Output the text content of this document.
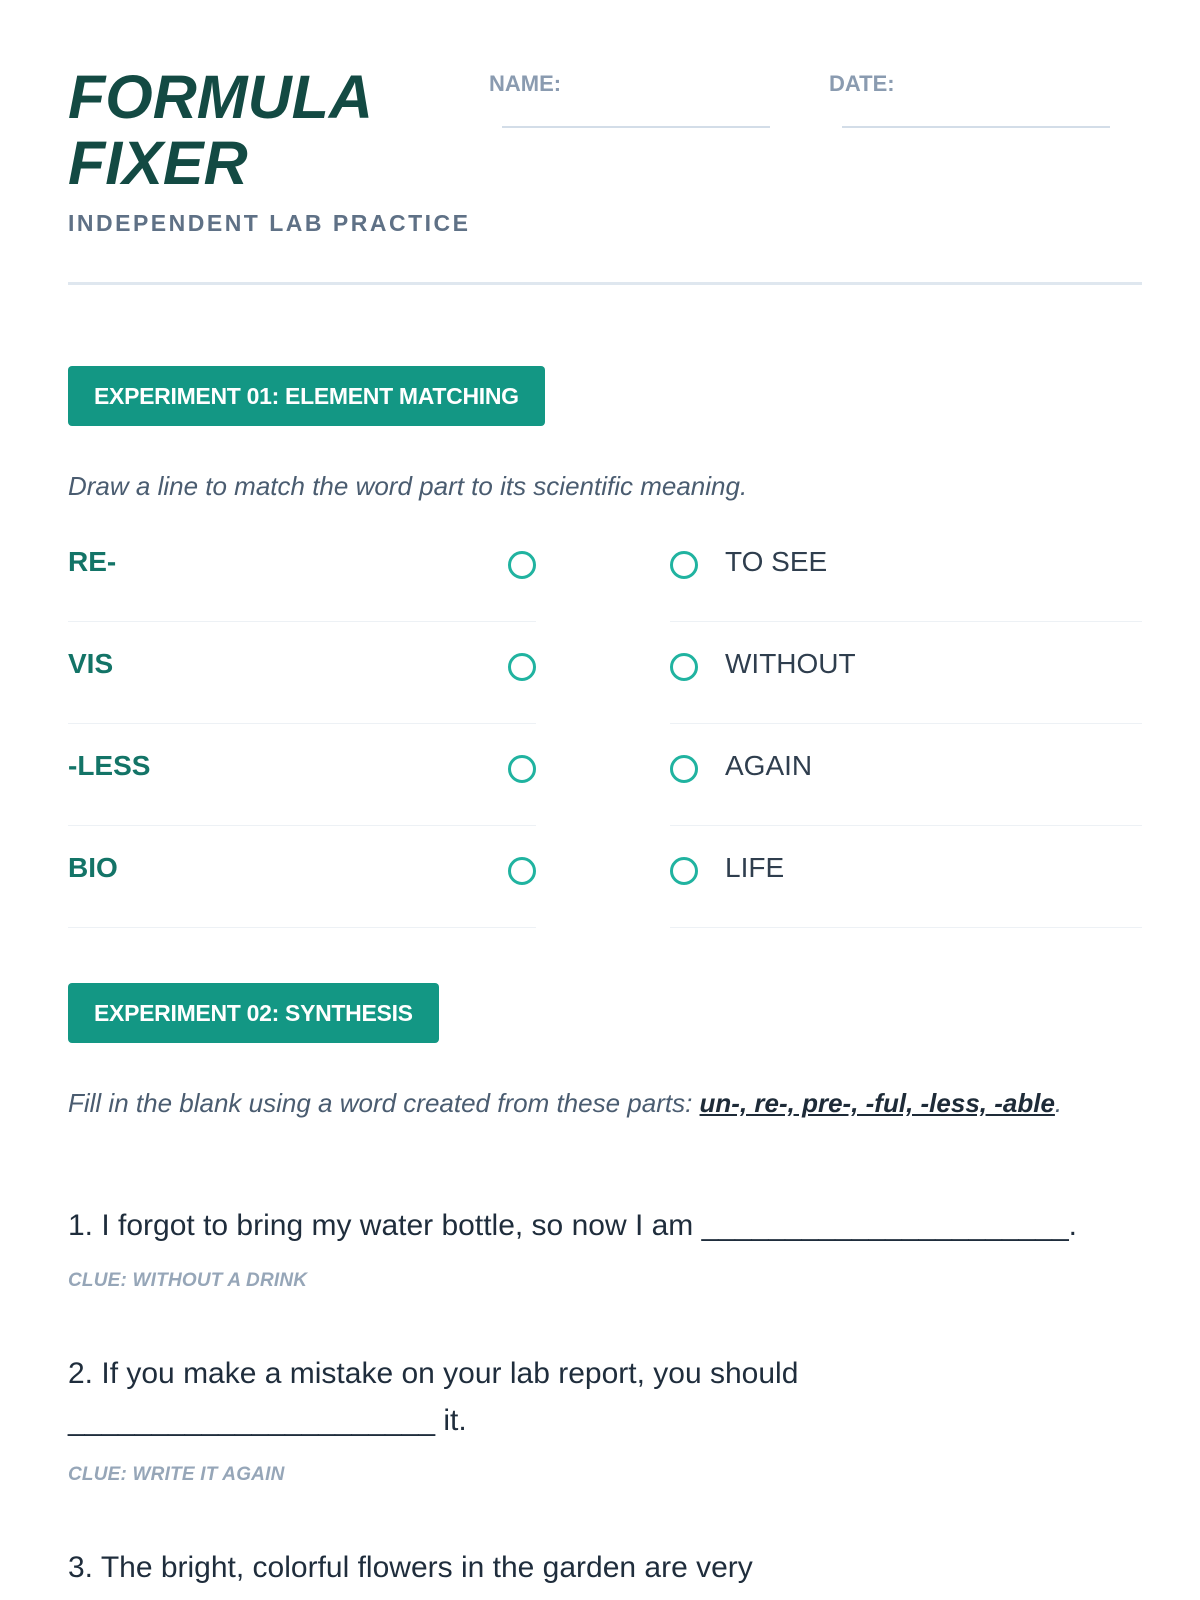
FORMULA
FIXER
INDEPENDENT LAB PRACTICE
NAME:	DATE:
EXPERIMENT 01: ELEMENT MATCHING
Draw a line to match the word part to its scientific meaning.
RE-
VIS
-LESS
BIO
TO SEE
WITHOUT
AGAIN
LIFE
EXPERIMENT 02: SYNTHESIS
Fill in the blank using a word created from these parts: un-, re-, pre-, -ful, -less, -able.
1. I forgot to bring my water bottle, so now I am ______________________.
CLUE: WITHOUT A DRINK
2. If you make a mistake on your lab report, you should ______________________ it.
CLUE: WRITE IT AGAIN
3. The bright, colorful flowers in the garden are very
